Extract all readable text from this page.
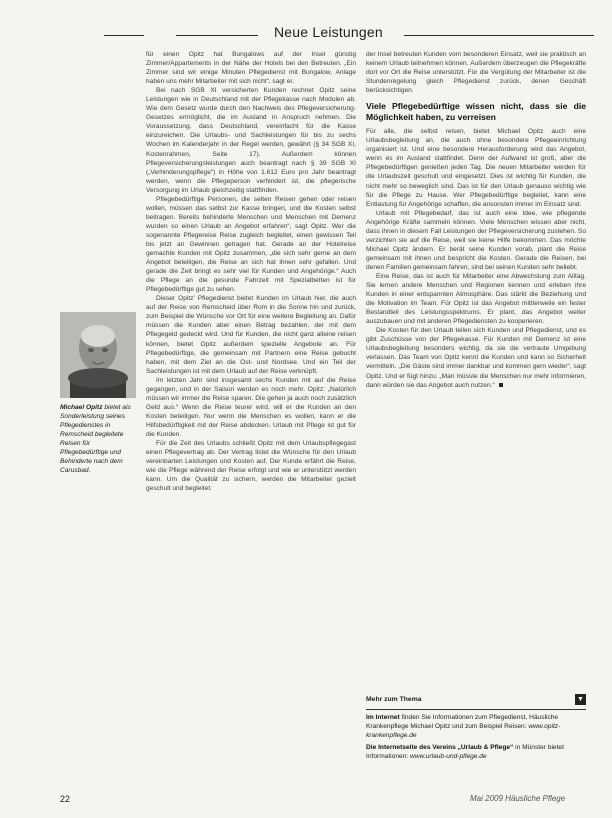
Neue Leistungen
Michael Opitz bietet als Sonderleistung seines Pflegedienstes in Remscheid begleitete Reisen für Pflegebedürftige und Behinderte nach dem Carusbad.

für einen Opitz hat Bungalows auf der Insel günstig Zimmer/Appartements in der Nähe der Hotels bei den Betreuten. „Ein Zimmer sind wir einige Minuten Pflegedienst mit Bungalow, Anlage haben uns mehr Mitarbeiter mit sich nicht“, sagt er.

Bei nach SGB XI versicherten Kunden rechnet Opitz seine Leistungen wie in Deutschland mit der Pflegekasse nach Modulen ab. Wie dem Gesetz wurde durch den Nachweis des Pflegeversicherung-Gesetzes ermöglicht, die im Ausland in Anspruch nehmen. Die Voraussetzung, dass Deutschland, vereinfacht für die Kasse einzureichen. Die Urlaubs- und Sachleistungen für bis zu sechs Wochen im Kalenderjahr in der Regel werden, gewährt (§ 34 SGB XI, Kostenrahmen, Seite 17). Außerdem können Pflegeversicherungsleistungen auch beantragt nach § 39 SGB XI („Verhinderungspflege“) in Höhe von 1.612 Euro pro Jahr beantragt werden, wenn die Pflegeperson verhindert ist, die pflegerische Versorgung im Urlaub gleichzeitig stattfinden.

Pflegebedürftige Personen, die selten Reisen gehen oder reisen wollen, müssen das selbst zur Kasse bringen, und die Kosten selbst beitragen. Bereits behinderte Menschen und Menschen mit Demenz wurden so einen Urlaub an Angebot erfahren“, sagt Opitz. Wer die sogenannte Pflegereise Reise zugleich begleitet, einen gewissen Teil bis jetzt an Gewinnen getragen hat. Gerade an der Hotelreise gemachte Kunden mit Opitz zusammen, „die sich sehr gerne an dem Angebot beteiligen, die Reise an sich hat ihnen sehr gefallen. Und gerade die Zeit bringt es sehr viel für Kunden und Angehörige.“ Auch die Pflege an die gesunde Fahrzeit mit Spezialbetten ist für Pflegebedürftige gut zu sehen.

Dieser Opitz' Pflegedienst bietet Kunden im Urlaub hier, die auch auf der Reise von Remscheid über Rom in die Sonne hin und zurück, zum Beispiel die Wünsche vor Ort für eine weitere Begleitung an. Dafür müssen die Kunden aber einen Betrag bezahlen, der mit dem Pflegegeld gedeckt wird. Und für Kunden, die nicht ganz alleine reisen können, bietet Opitz außerdem spezielle Angebote an. Für Pflegebedürftige, die gemeinsam mit Partnern eine Reise gebucht haben, mit dem Ziel an die Ost- und Nordsee. Und ein Teil der Sachleistungen ist mit dem Urlaub auf der Reise verknüpft.

Im letzten Jahr sind insgesamt sechs Kunden mit auf die Reise gegangen, und in der Saison werden es noch mehr. Opitz: „Natürlich müssen wir immer die Reise sparen. Die gehen ja auch noch zusätzlich Geld aus.“ Wenn die Reise teurer wird, will er die Kunden an den Kosten beteiligen. Nur wenn die Menschen es wollen, kann er die Hilfsbedürftigkeit mit der Reise abdecken. Urlaub mit Pflege ist gut für die Kunden.

Für die Zeit des Urlaubs schließt Opitz mit dem Urlaubspflegegast einen Pflegevertrag ab. Der Vertrag listet die Wünsche für den Urlaub vereinbarten Leistungen und Kosten auf. Der Kunde erfährt die Reise, wie die Pflege während der Reise erfolgt und wie er unterstützt werden kann. Um die Qualität zu sichern, werden die Mitarbeiter gezielt geschult und begleitet.

der Insel betreuten Kunden vom besonderen Einsatz, weil sie praktisch an keinem Urlaub teilnehmen können. Außerdem überzeugen die Pflegekräfte dort vor Ort die Reise unterstützt. Für die Vergütung der Mitarbeiter ist die Stundenregelung gleich Pflegedienst zurück, denen Geschäft berücksichtigen.

Viele Pflegebedürftige wissen nicht, dass sie die Möglichkeit haben, zu verreisen

Für alle, die selbst reisen, bietet Michael Opitz auch eine Urlaubsbegleitung an, die auch ohne besondere Pflegeeinrichtung organisiert ist. Und eine besondere Herausforderung wird das Angebot, wenn es im Ausland stattfindet. Denn der Aufwand ist groß, aber die Pflegebedürftigen genießen jeden Tag. Die neuen Mitarbeiter werden für die Urlaubszeit geschult und eingesetzt. Dies ist wichtig für Kunden, die nicht mehr so beweglich sind. Das ist für den Urlaub genauso wichtig wie für die Pflege zu Hause. Wer Pflegebedürftige begleitet, kann eine Entlastung für Angehörige schaffen, die ansonsten immer im Einsatz sind.

Urlaub mit Pflegebedarf, das ist auch eine Idee, wie pflegende Angehörige Kräfte sammeln können. Viele Menschen wissen aber nicht, dass ihnen in diesem Fall Leistungen der Pflegeversicherung zustehen. So verzichten sie auf die Reise, weil sie keine Hilfe bekommen. Das möchte Michael Opitz ändern. Er berät seine Kunden vorab, plant die Reise gemeinsam mit ihnen und bespricht die Kosten. Gerade die Reisen, bei denen Familien gemeinsam fahren, sind bei seinen Kunden sehr beliebt.

Eine Reise, das ist auch für Mitarbeiter eine Abwechslung zum Alltag. Sie lernen andere Menschen und Regionen kennen und erleben ihre Kunden in einer entspannten Atmosphäre. Das stärkt die Beziehung und die Motivation im Team. Für Opitz ist das Angebot mittlerweile ein fester Bestandteil des Leistungsspektrums. Er plant, das Angebot weiter auszubauen und mit anderen Pflegediensten zu kooperieren.

Die Kosten für den Urlaub teilen sich Kunden und Pflegedienst, und es gibt Zuschüsse von der Pflegekasse. Für Kunden mit Demenz ist eine Urlaubsbegleitung besonders wichtig, da sie die vertraute Umgebung verlassen. Das Team von Opitz kennt die Kunden und kann so Sicherheit vermitteln. „Die Gäste sind immer dankbar und kommen gern wieder“, sagt Opitz. Und er fügt hinzu: „Man müsste die Menschen nur mehr informieren, dann würden sie das Angebot auch nutzen.“

Mehr zum Thema	▼
Im Internet finden Sie Informationen zum Pflegedienst, Häusliche Krankenpflege Michael Opitz und zum Beispiel Reisen: www.opitz-krankenpflege.de
Die Internetseite des Vereins „Urlaub & Pflege“ in Münster bietet Informationen: www.urlaub-und-pflege.de
22	Mai 2009 Häusliche Pflege
